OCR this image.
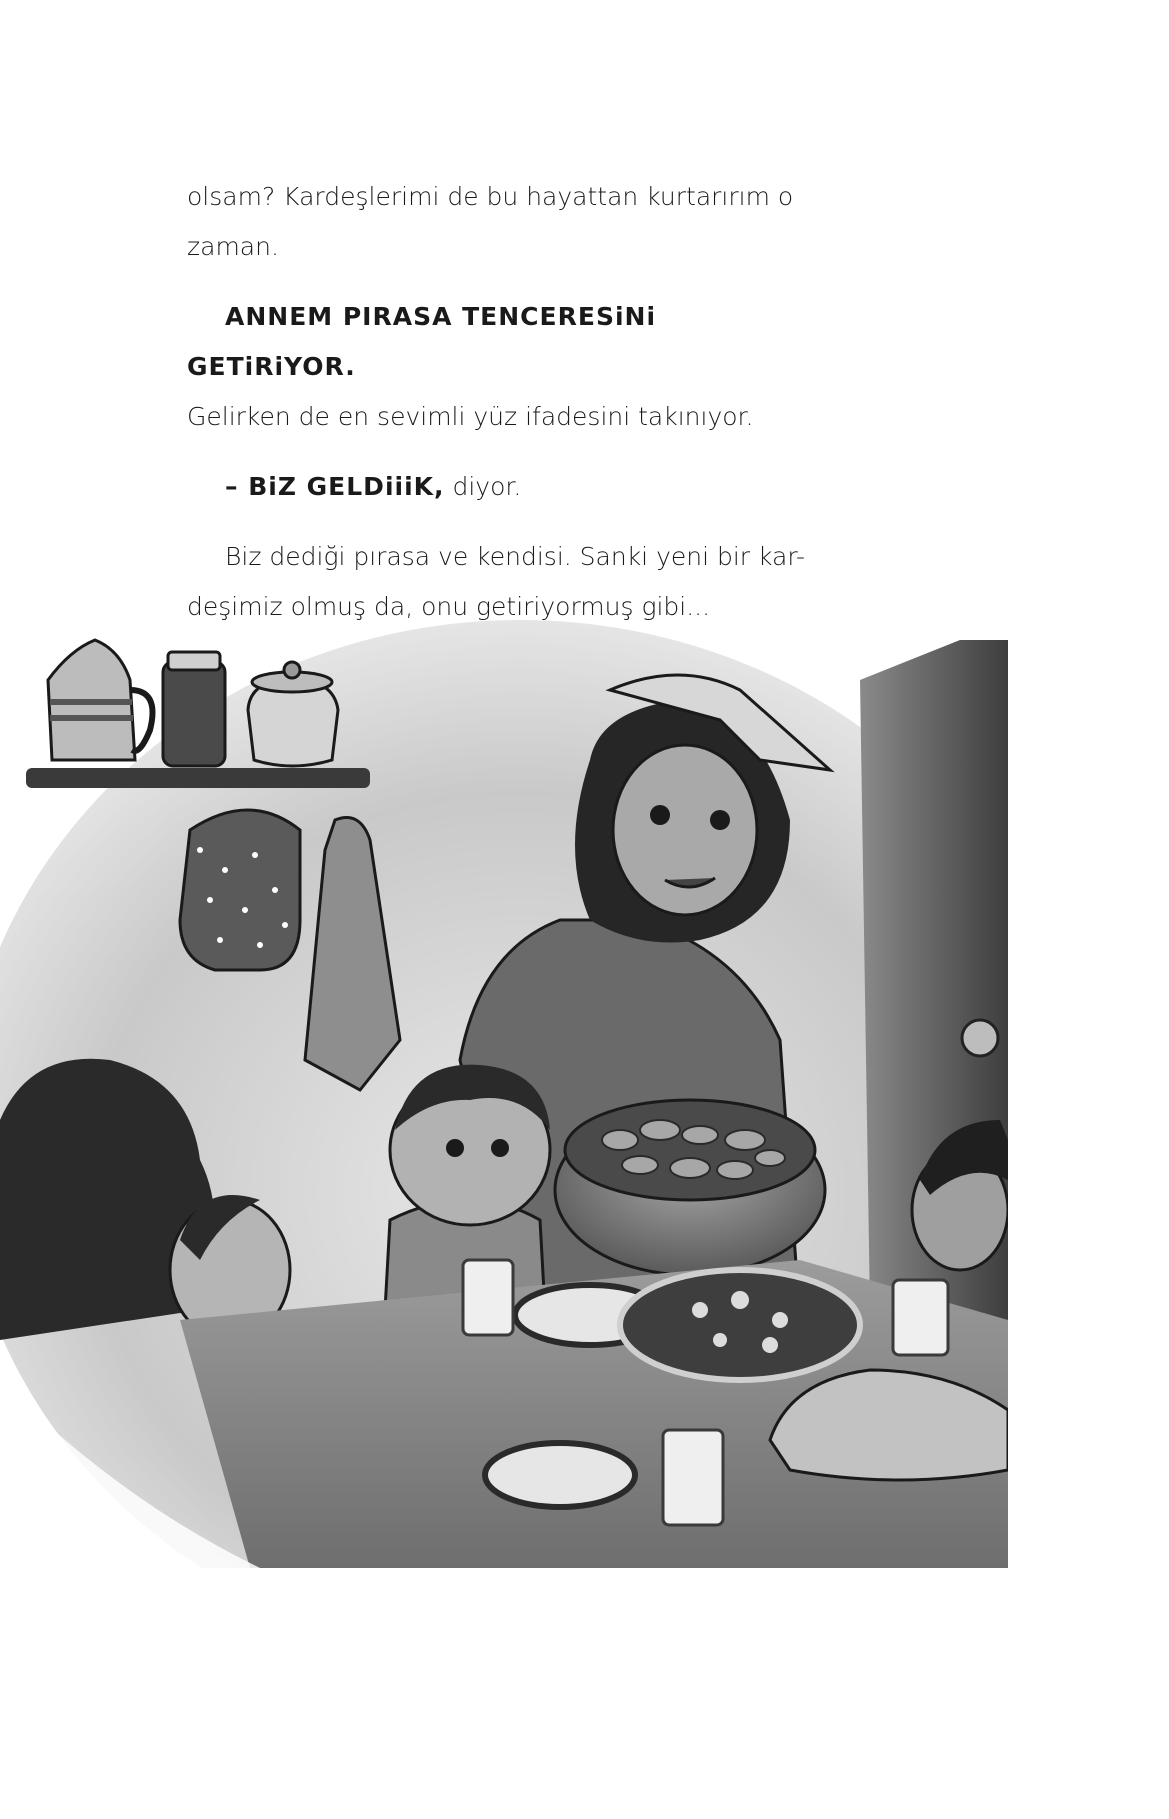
olsam? Kardeşlerimi de bu hayattan kurtarırım o zaman.

ANNEM PIRASA TENCERESiNi GETiRiYOR.

Gelirken de en sevimli yüz ifadesini takınıyor.

– BiZ GELDiiiK, diyor.

Biz dediği pırasa ve kendisi. Sanki yeni bir kar-

deşimiz olmuş da, onu getiriyormuş gibi...
